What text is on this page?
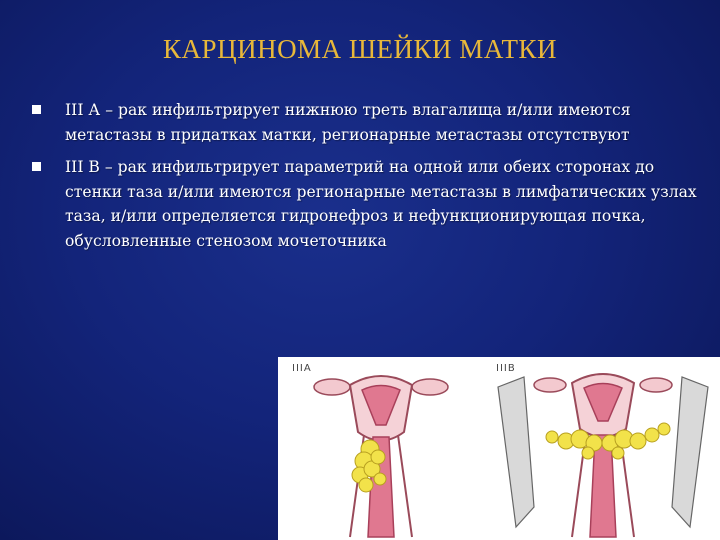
КАРЦИНОМА ШЕЙКИ МАТКИ
III А – рак инфильтрирует нижнюю треть влагалища и/или имеются метастазы в придатках матки, регионарные метастазы отсутствуют
III В – рак инфильтрирует параметрий на одной или обеих сторонах до стенки таза и/или имеются регионарные метастазы в лимфатических узлах таза, и/или определяется гидронефроз и нефункционирующая почка, обусловленные стенозом мочеточника
IIIA	IIIB
